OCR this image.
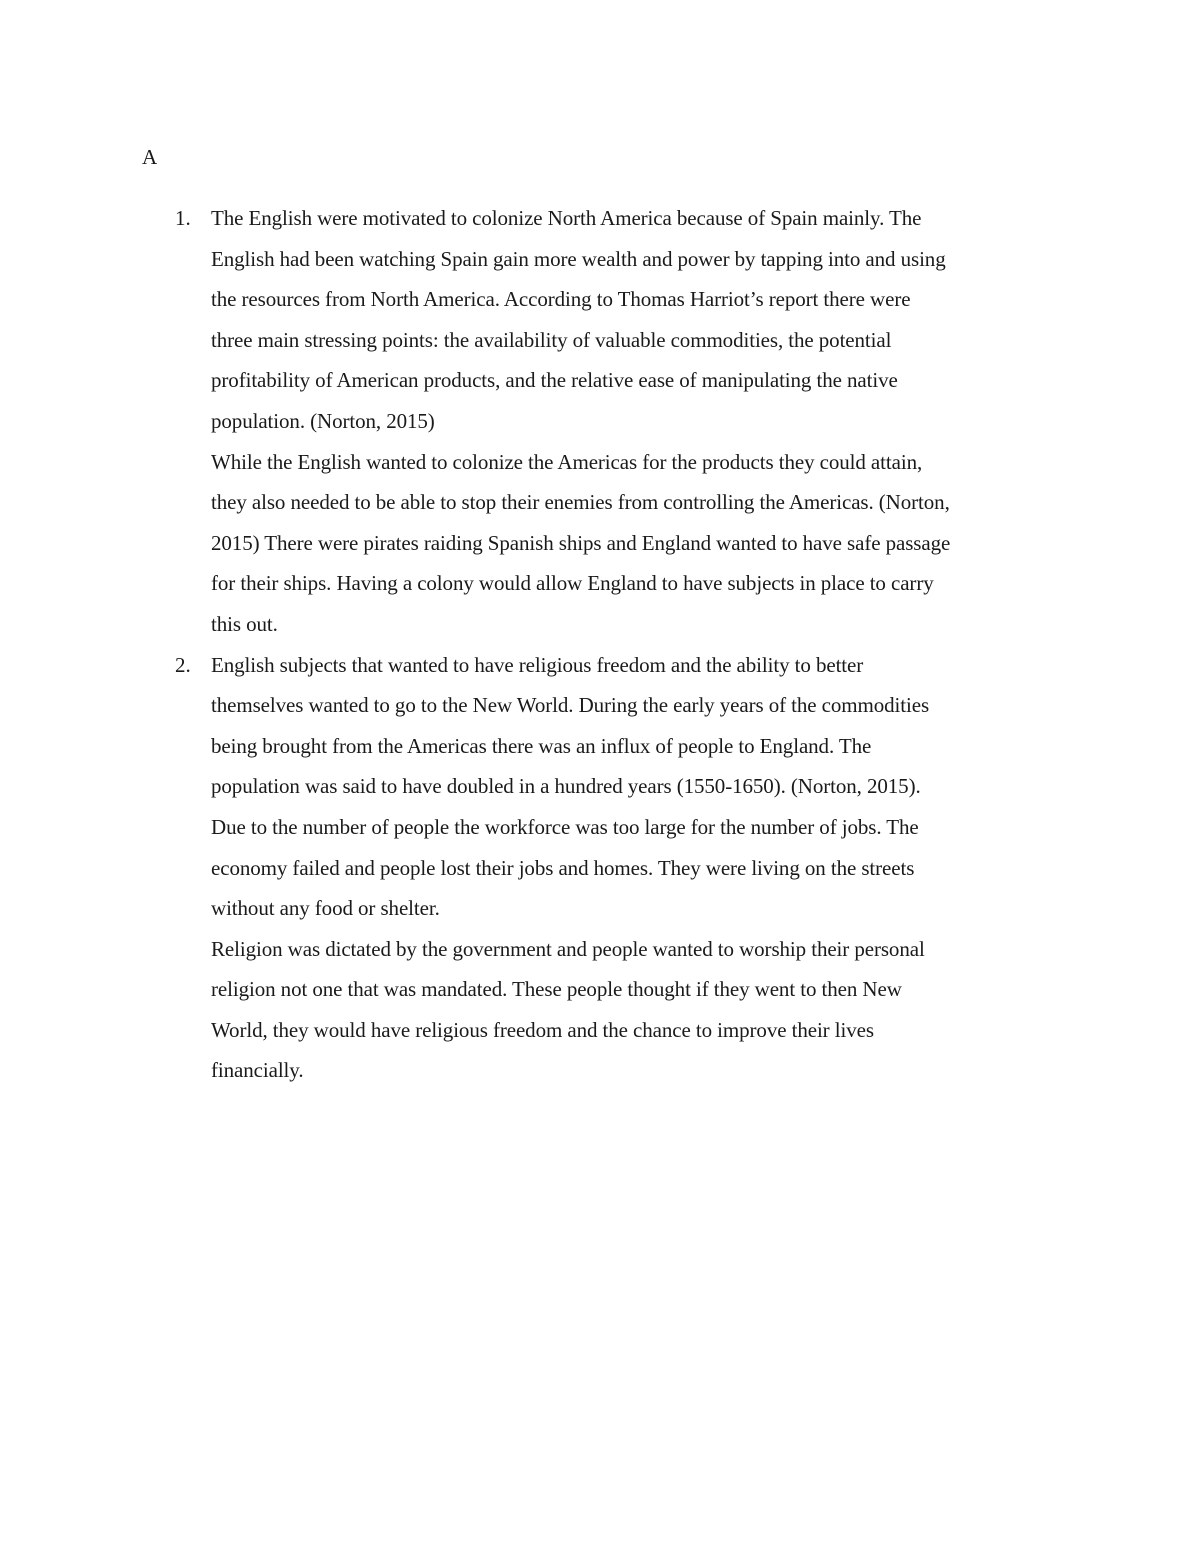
A
1. The English were motivated to colonize North America because of Spain mainly. The
English had been watching Spain gain more wealth and power by tapping into and using
the resources from North America. According to Thomas Harriot’s report there were
three main stressing points: the availability of valuable commodities, the potential
profitability of American products, and the relative ease of manipulating the native
population. (Norton, 2015)

While the English wanted to colonize the Americas for the products they could attain,
they also needed to be able to stop their enemies from controlling the Americas. (Norton,
2015) There were pirates raiding Spanish ships and England wanted to have safe passage
for their ships. Having a colony would allow England to have subjects in place to carry
this out.

2. English subjects that wanted to have religious freedom and the ability to better
themselves wanted to go to the New World. During the early years of the commodities
being brought from the Americas there was an influx of people to England. The
population was said to have doubled in a hundred years (1550-1650). (Norton, 2015).
Due to the number of people the workforce was too large for the number of jobs. The
economy failed and people lost their jobs and homes. They were living on the streets
without any food or shelter.

Religion was dictated by the government and people wanted to worship their personal
religion not one that was mandated. These people thought if they went to then New
World, they would have religious freedom and the chance to improve their lives
financially.
